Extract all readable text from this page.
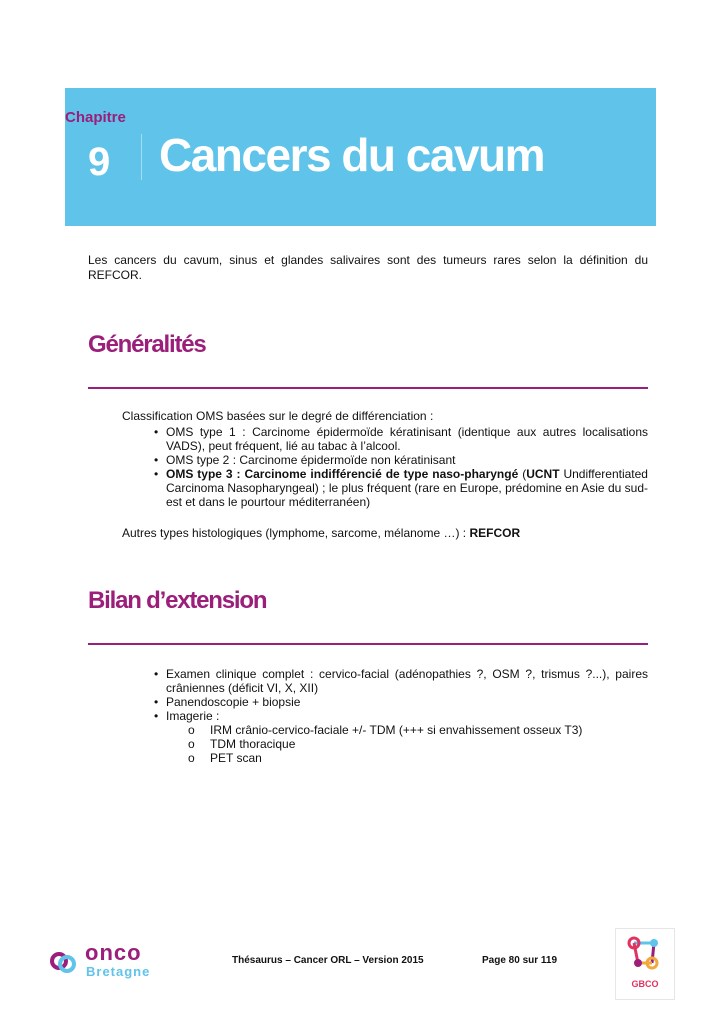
Chapitre
9 Cancers du cavum
Les cancers du cavum, sinus et glandes salivaires sont des tumeurs rares selon la définition du REFCOR.
Généralités
Classification OMS basées sur le degré de différenciation :
• OMS type 1 : Carcinome épidermoïde kératinisant (identique aux autres localisations VADS), peut fréquent, lié au tabac à l’alcool.
• OMS type 2 : Carcinome épidermoïde non kératinisant
• OMS type 3 : Carcinome indifférencié de type naso-pharyngé (UCNT Undifferentiated Carcinoma Nasopharyngeal) ; le plus fréquent (rare en Europe, prédomine en Asie du sud-est et dans le pourtour méditerranéen)
Autres types histologiques (lymphome, sarcome, mélanome …) : REFCOR
Bilan d’extension
• Examen clinique complet : cervico-facial (adénopathies ?, OSM ?, trismus ?...), paires crâniennes (déficit VI, X, XII)
• Panendoscopie + biopsie
• Imagerie :
o IRM crânio-cervico-faciale +/- TDM (+++ si envahissement osseux T3)
o TDM thoracique
o PET scan
onco
Bretagne
Thésaurus – Cancer ORL – Version 2015	Page 80 sur 119
GBCO
